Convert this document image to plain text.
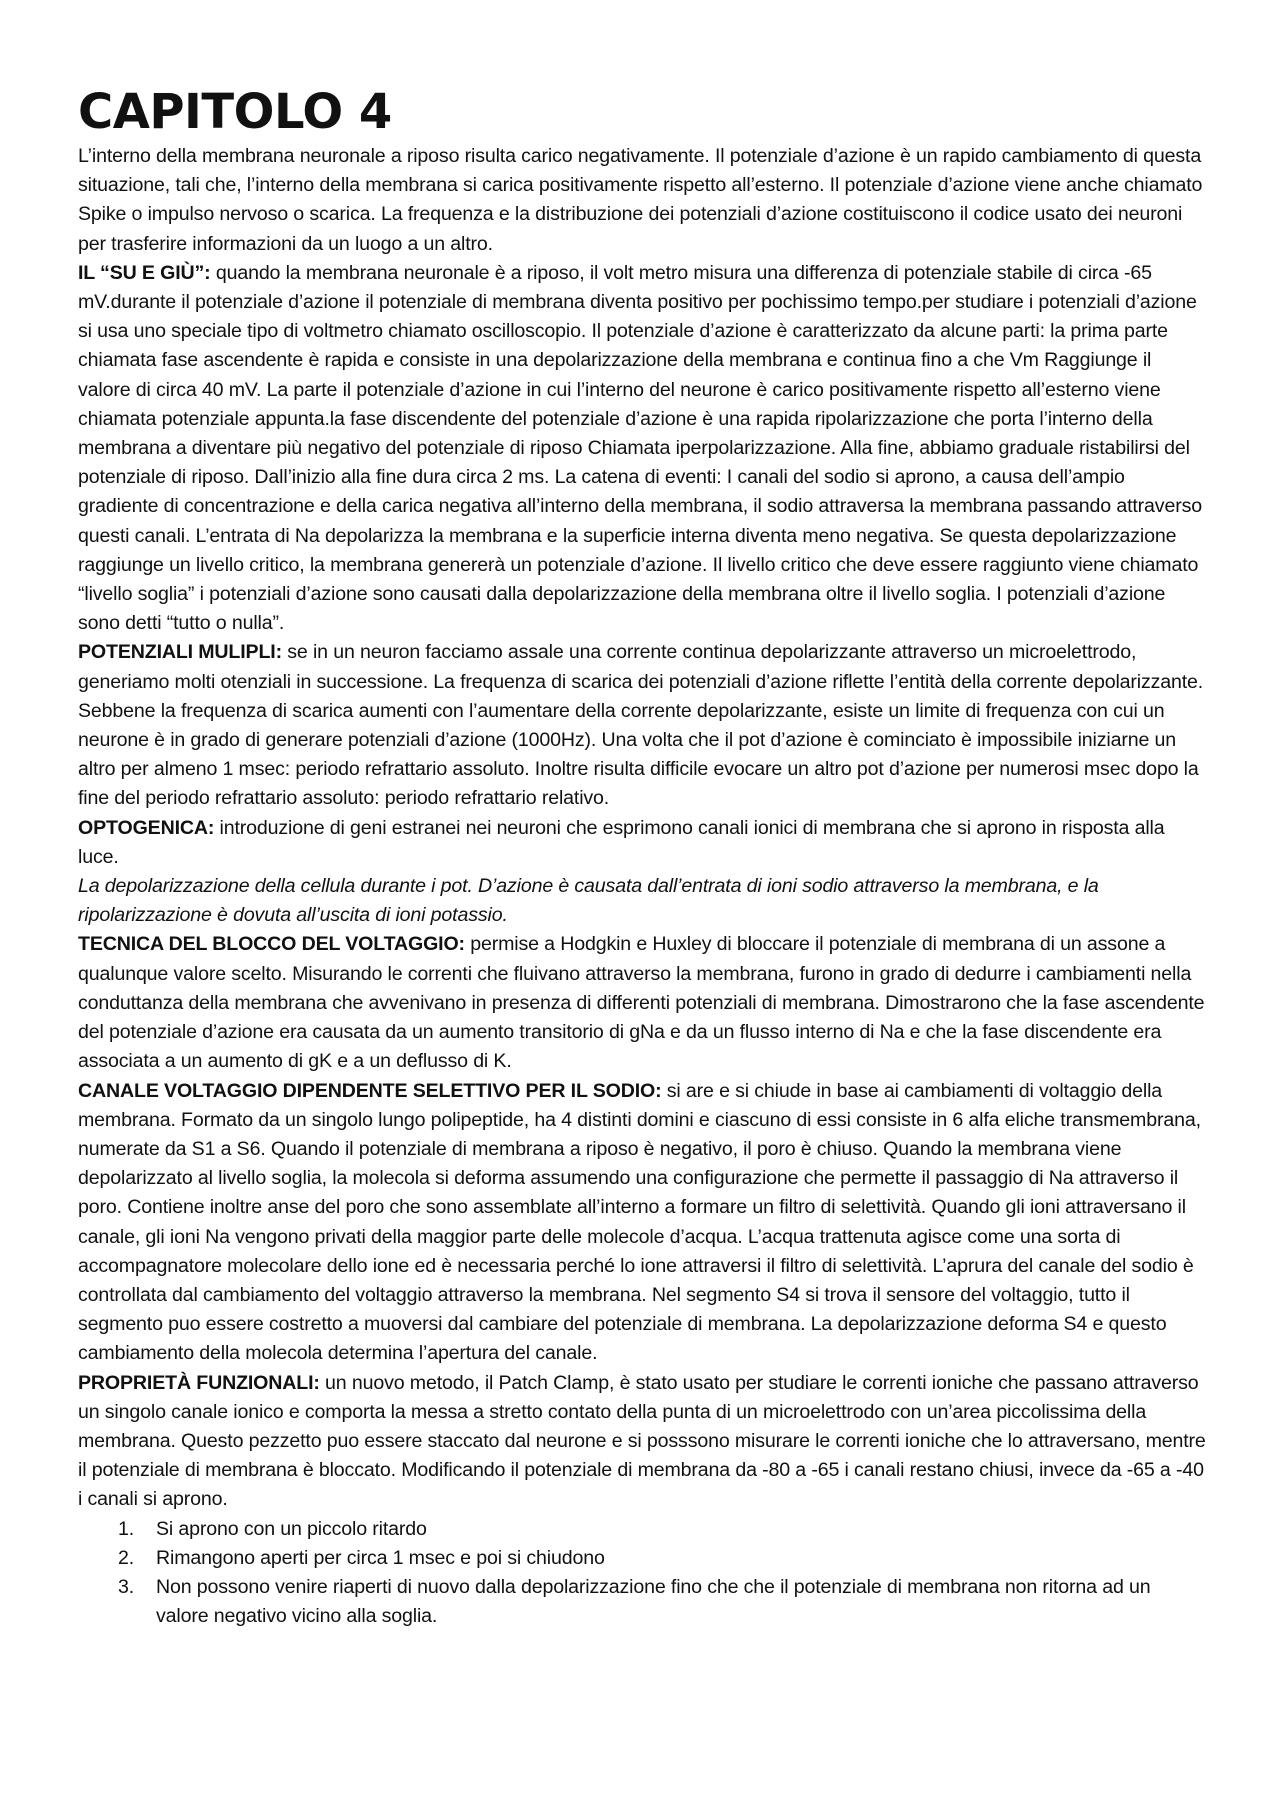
CAPITOLO 4

L’interno della membrana neuronale a riposo risulta carico negativamente. Il potenziale d’azione è un rapido cambiamento di questa situazione, tali che, l’interno della membrana si carica positivamente rispetto all’esterno. Il potenziale d’azione viene anche chiamato Spike o impulso nervoso o scarica. La frequenza e la distribuzione dei potenziali d’azione costituiscono il codice usato dei neuroni per trasferire informazioni da un luogo a un altro.

IL “SU E GIÙ”: quando la membrana neuronale è a riposo, il volt metro misura una differenza di potenziale stabile di circa -65 mV.durante il potenziale d’azione il potenziale di membrana diventa positivo per pochissimo tempo.per studiare i potenziali d’azione si usa uno speciale tipo di voltmetro chiamato oscilloscopio. Il potenziale d’azione è caratterizzato da alcune parti: la prima parte chiamata fase ascendente è rapida e consiste in una depolarizzazione della membrana e continua fino a che Vm Raggiunge il valore di circa 40 mV. La parte il potenziale d’azione in cui l’interno del neurone è carico positivamente rispetto all’esterno viene chiamata potenziale appunta.la fase discendente del potenziale d’azione è una rapida ripolarizzazione che porta l’interno della membrana a diventare più negativo del potenziale di riposo Chiamata iperpolarizzazione. Alla fine, abbiamo graduale ristabilirsi del potenziale di riposo. Dall’inizio alla fine dura circa 2 ms. La catena di eventi: I canali del sodio si aprono, a causa dell’ampio gradiente di concentrazione e della carica negativa all’interno della membrana, il sodio attraversa la membrana passando attraverso questi canali. L’entrata di Na depolarizza la membrana e la superficie interna diventa meno negativa. Se questa depolarizzazione raggiunge un livello critico, la membrana genererà un potenziale d’azione. Il livello critico che deve essere raggiunto viene chiamato “livello soglia” i potenziali d’azione sono causati dalla depolarizzazione della membrana oltre il livello soglia. I potenziali d’azione sono detti “tutto o nulla”.

POTENZIALI MULIPLI: se in un neuron facciamo assale una corrente continua depolarizzante attraverso un microelettrodo, generiamo molti otenziali in successione. La frequenza di scarica dei potenziali d’azione riflette l’entità della corrente depolarizzante. Sebbene la frequenza di scarica aumenti con l’aumentare della corrente depolarizzante, esiste un limite di frequenza con cui un neurone è in grado di generare potenziali d’azione (1000Hz). Una volta che il pot d’azione è cominciato è impossibile iniziarne un altro per almeno 1 msec: periodo refrattario assoluto. Inoltre risulta difficile evocare un altro pot d’azione per numerosi msec dopo la fine del periodo refrattario assoluto: periodo refrattario relativo.

OPTOGENICA: introduzione di geni estranei nei neuroni che esprimono canali ionici di membrana che si aprono in risposta alla luce.

La depolarizzazione della cellula durante i pot. D’azione è causata dall’entrata di ioni sodio attraverso la membrana, e la ripolarizzazione è dovuta all’uscita di ioni potassio.

TECNICA DEL BLOCCO DEL VOLTAGGIO: permise a Hodgkin e Huxley di bloccare il potenziale di membrana di un assone a qualunque valore scelto. Misurando le correnti che fluivano attraverso la membrana, furono in grado di dedurre i cambiamenti nella conduttanza della membrana che avvenivano in presenza di differenti potenziali di membrana. Dimostrarono che la fase ascendente del potenziale d’azione era causata da un aumento transitorio di gNa e da un flusso interno di Na e che la fase discendente era associata a un aumento di gK e a un deflusso di K.

CANALE VOLTAGGIO DIPENDENTE SELETTIVO PER IL SODIO: si are e si chiude in base ai cambiamenti di voltaggio della membrana. Formato da un singolo lungo polipeptide, ha 4 distinti domini e ciascuno di essi consiste in 6 alfa eliche transmembrana, numerate da S1 a S6. Quando il potenziale di membrana a riposo è negativo, il poro è chiuso. Quando la membrana viene depolarizzato al livello soglia, la molecola si deforma assumendo una configurazione che permette il passaggio di Na attraverso il poro. Contiene inoltre anse del poro che sono assemblate all’interno a formare un filtro di selettività. Quando gli ioni attraversano il canale, gli ioni Na vengono privati della maggior parte delle molecole d’acqua. L’acqua trattenuta agisce come una sorta di accompagnatore molecolare dello ione ed è necessaria perché lo ione attraversi il filtro di selettività. L’aprura del canale del sodio è controllata dal cambiamento del voltaggio attraverso la membrana. Nel segmento S4 si trova il sensore del voltaggio, tutto il segmento puo essere costretto a muoversi dal cambiare del potenziale di membrana. La depolarizzazione deforma S4 e questo cambiamento della molecola determina l’apertura del canale.

PROPRIETÀ FUNZIONALI: un nuovo metodo, il Patch Clamp, è stato usato per studiare le correnti ioniche che passano attraverso un singolo canale ionico e comporta la messa a stretto contato della punta di un microelettrodo con un’area piccolissima della membrana. Questo pezzetto puo essere staccato dal neurone e si posssono misurare le correnti ioniche che lo attraversano, mentre il potenziale di membrana è bloccato. Modificando il potenziale di membrana da -80 a -65 i canali restano chiusi, invece da -65 a -40 i canali si aprono.

1. Si aprono con un piccolo ritardo
2. Rimangono aperti per circa 1 msec e poi si chiudono
3. Non possono venire riaperti di nuovo dalla depolarizzazione fino che che il potenziale di membrana non ritorna ad un valore negativo vicino alla soglia.
